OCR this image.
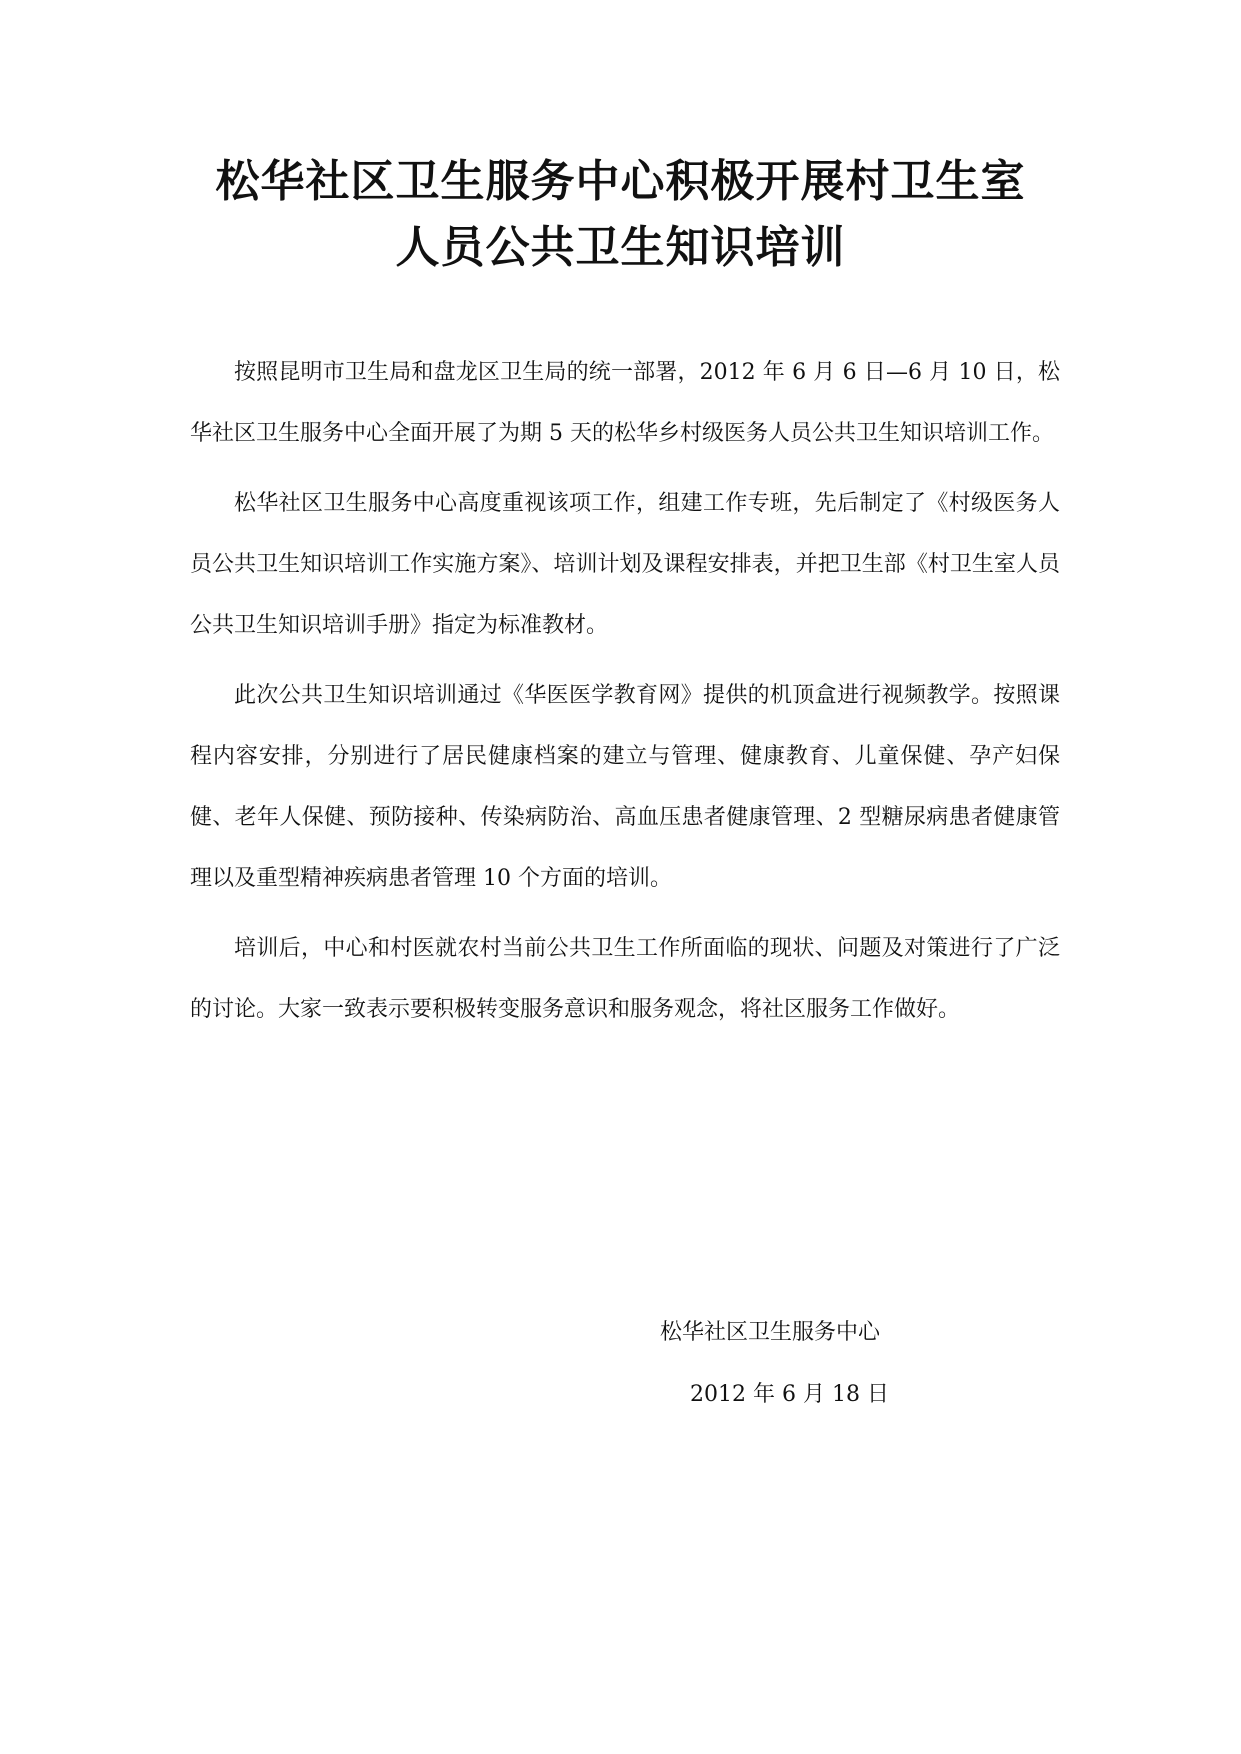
松华社区卫生服务中心积极开展村卫生室
人员公共卫生知识培训

按照昆明市卫生局和盘龙区卫生局的统一部署，2012 年 6 月 6 日—6 月 10 日，松华社区卫生服务中心全面开展了为期 5 天的松华乡村级医务人员公共卫生知识培训工作。

松华社区卫生服务中心高度重视该项工作，组建工作专班，先后制定了《村级医务人员公共卫生知识培训工作实施方案》、培训计划及课程安排表，并把卫生部《村卫生室人员公共卫生知识培训手册》指定为标准教材。

此次公共卫生知识培训通过《华医医学教育网》提供的机顶盒进行视频教学。按照课程内容安排，分别进行了居民健康档案的建立与管理、健康教育、儿童保健、孕产妇保健、老年人保健、预防接种、传染病防治、高血压患者健康管理、2 型糖尿病患者健康管理以及重型精神疾病患者管理 10 个方面的培训。

培训后，中心和村医就农村当前公共卫生工作所面临的现状、问题及对策进行了广泛的讨论。大家一致表示要积极转变服务意识和服务观念，将社区服务工作做好。

松华社区卫生服务中心

2012 年 6 月 18 日
